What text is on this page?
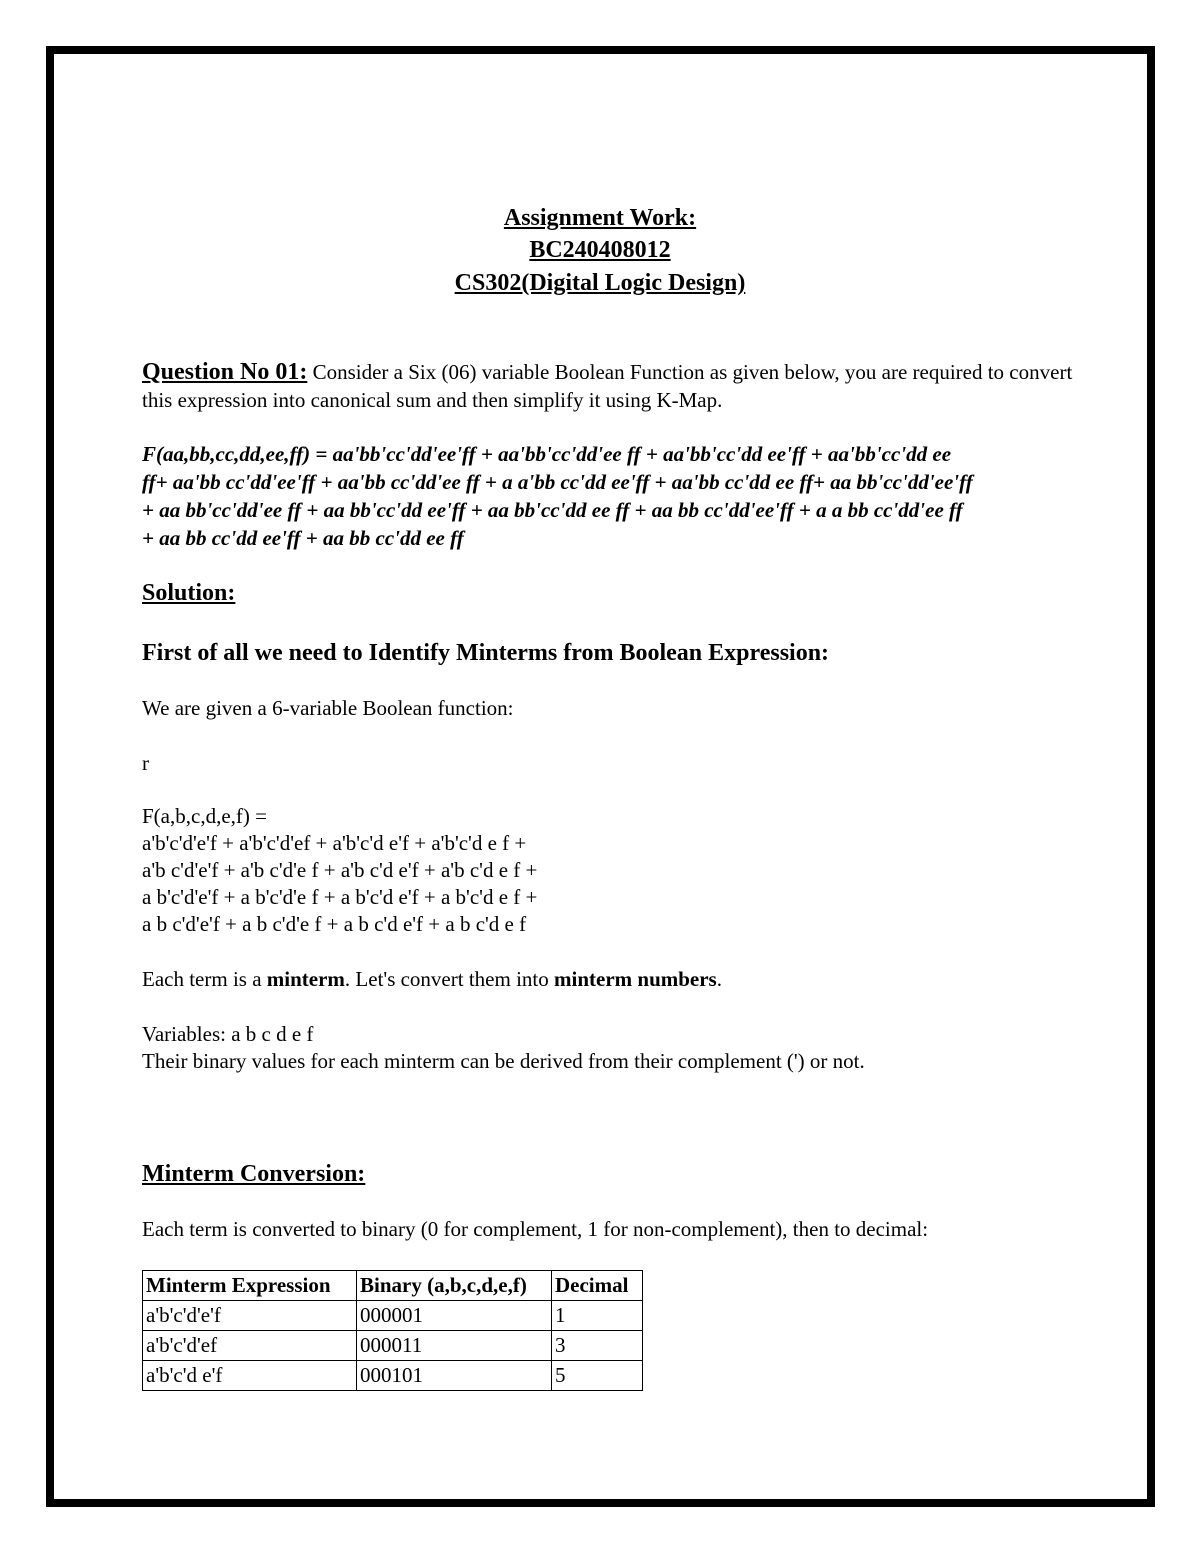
Assignment Work:
BC240408012
CS302(Digital Logic Design)
Question No 01: Consider a Six (06) variable Boolean Function as given below, you are required to convert this expression into canonical sum and then simplify it using K-Map.
F(aa,bb,cc,dd,ee,ff) = aa'bb'cc'dd'ee'ff + aa'bb'cc'dd'ee ff + aa'bb'cc'dd ee'ff + aa'bb'cc'dd ee
ff+ aa'bb cc'dd'ee'ff + aa'bb cc'dd'ee ff + a a'bb cc'dd ee'ff + aa'bb cc'dd ee ff+ aa bb'cc'dd'ee'ff
+ aa bb'cc'dd'ee ff + aa bb'cc'dd ee'ff + aa bb'cc'dd ee ff + aa bb cc'dd'ee'ff + a a bb cc'dd'ee ff
+ aa bb cc'dd ee'ff + aa bb cc'dd ee ff
Solution:
First of all we need to Identify Minterms from Boolean Expression:
We are given a 6-variable Boolean function:
r
F(a,b,c,d,e,f) =
a'b'c'd'e'f + a'b'c'd'ef + a'b'c'd e'f + a'b'c'd e f +
a'b c'd'e'f + a'b c'd'e f + a'b c'd e'f + a'b c'd e f +
a b'c'd'e'f + a b'c'd'e f + a b'c'd e'f + a b'c'd e f +
a b c'd'e'f + a b c'd'e f + a b c'd e'f + a b c'd e f
Each term is a minterm. Let's convert them into minterm numbers.
Variables: a b c d e f
Their binary values for each minterm can be derived from their complement (') or not.
Minterm Conversion:
Each term is converted to binary (0 for complement, 1 for non-complement), then to decimal:
Minterm Expression	Binary (a,b,c,d,e,f)	Decimal
a'b'c'd'e'f	000001	1
a'b'c'd'ef	000011	3
a'b'c'd e'f	000101	5
